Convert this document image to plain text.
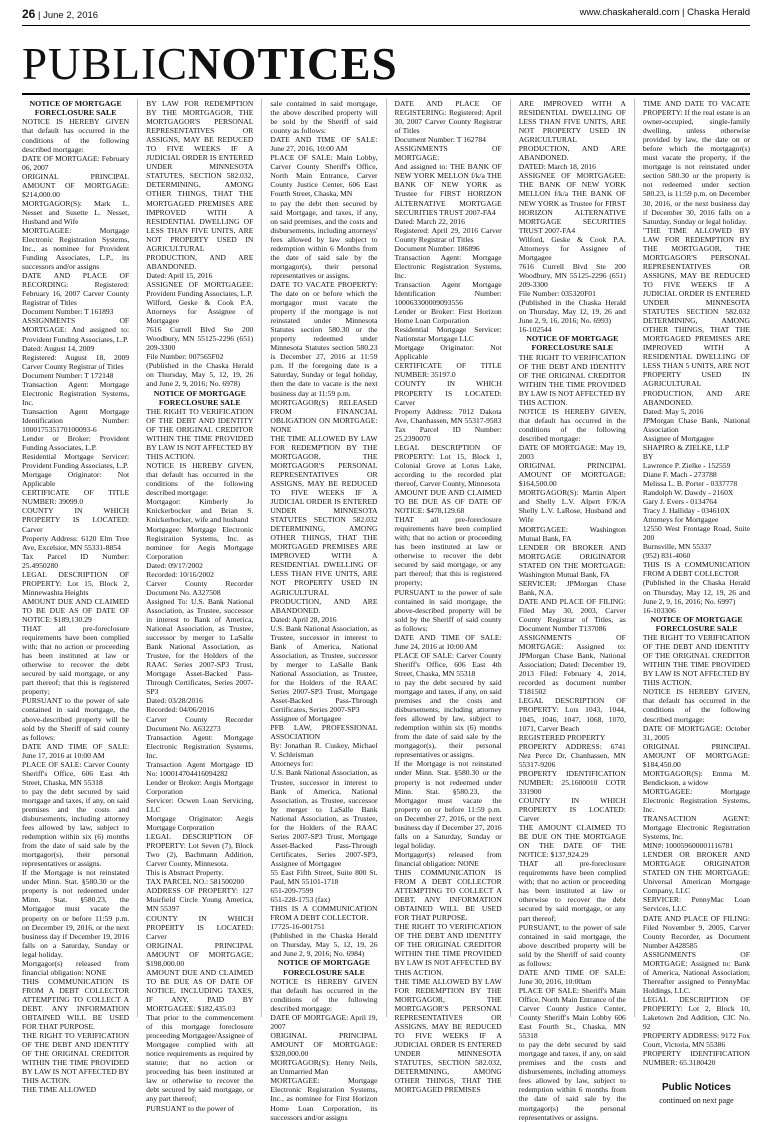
26 | June 2, 2016	www.chaskaherald.com | Chaska Herald
PUBLICNOTICES

NOTICE OF MORTGAGE FORECLOSURE SALE

NOTICE IS HEREBY GIVEN that default has occurred in the conditions of the following described mortgage:

DATE OF MORTGAGE: February 06, 2007

ORIGINAL PRINCIPAL AMOUNT OF MORTGAGE: $214,000.00

MORTGAGOR(S): Mark L. Nesset and Susette L. Nesset, Husband and Wife

MORTGAGEE: Mortgage Electronic Registration Systems, Inc., as nominee for Provident Funding Associates, L.P., its successors and/or assigns

DATE AND PLACE OF RECORDING: Registered: February 16, 2007 Carver County Registrar of Titles

Document Number: T 161893

ASSIGNMENTS OF MORTGAGE: And assigned to: Provident Funding Associates, L.P.

Dated: August 14, 2009

Registered: August 18, 2009 Carver County Registrar of Titles

Document Number: T 172148

Transaction Agent: Mortgage Electronic Registration Systems, Inc.

Transaction Agent Mortgage Identification Number: 100017535170100093-6

Lender or Broker: Provident Funding Associates, L.P.

Residential Mortgage Servicer: Provident Funding Associates, L.P.

Mortgage Originator: Not Applicable

CERTIFICATE OF TITLE NUMBER: 39099.0

COUNTY IN WHICH PROPERTY IS LOCATED: Carver

Property Address: 6120 Elm Tree Ave, Excelsior, MN 55331-8854

Tax Parcel ID Number: 25.4950280

LEGAL DESCRIPTION OF PROPERTY: Lot 15, Block 2, Minnewashta Heights

AMOUNT DUE AND CLAIMED TO BE DUE AS OF DATE OF NOTICE: $189,130.29

THAT all pre-foreclosure requirements have been complied with; that no action or proceeding has been instituted at law or otherwise to recover the debt secured by said mortgage, or any part thereof; that this is registered property;

PURSUANT to the power of sale contained in said mortgage, the above-described property will be sold by the Sheriff of said county as follows:

DATE AND TIME OF SALE: June 17, 2016 at 10:00 AM

PLACE OF SALE: Carver County Sheriff's Office, 606 East 4th Street, Chaska, MN 55318

to pay the debt secured by said mortgage and taxes, if any, on said premises and the costs and disbursements, including attorney fees allowed by law, subject to redemption within six (6) months from the date of said sale by the mortgagor(s), their personal representatives or assigns.

If the Mortgage is not reinstated under Minn. Stat. §580.30 or the property is not redeemed under Minn. Stat. §580.23, the Mortgagor must vacate the property on or before 11:59 p.m. on December 19, 2016, or the next business day if December 19, 2016 falls on a Saturday, Sunday or legal holiday.

Mortgagor(s) released from financial obligation: NONE

THIS COMMUNICATION IS FROM A DEBT COLLECTOR ATTEMPTING TO COLLECT A DEBT. ANY INFORMATION OBTAINED WILL BE USED FOR THAT PURPOSE.

THE RIGHT TO VERIFICATION OF THE DEBT AND IDENTITY OF THE ORIGINAL CREDITOR WITHIN THE TIME PROVIDED BY LAW IS NOT AFFECTED BY THIS ACTION.

THE TIME ALLOWED

BY LAW FOR REDEMPTION BY THE MORTGAGOR, THE MORTGAGOR'S PERSONAL REPRESENTATIVES OR ASSIGNS, MAY BE REDUCED TO FIVE WEEKS IF A JUDICIAL ORDER IS ENTERED UNDER MINNESOTA STATUTES, SECTION 582.032, DETERMINING, AMONG OTHER THINGS, THAT THE MORTGAGED PREMISES ARE IMPROVED WITH A RESIDENTIAL DWELLING OF LESS THAN FIVE UNITS, ARE NOT PROPERTY USED IN AGRICULTURAL PRODUCTION, AND ARE ABANDONED.

Dated: April 15, 2016

ASSIGNEE OF MORTGAGEE: Provident Funding Associates, L.P.

Wilford, Geske & Cook P.A. Attorneys for Assignee of Mortgagee

7616 Currell Blvd Ste 200 Woodbury, MN 55125-2296 (651) 209-3300

File Number: 007565F02

(Published in the Chaska Herald on Thursday, May 5, 12, 19, 26 and June 2, 9, 2016; No. 6978)

NOTICE OF MORTGAGE FORECLOSURE SALE

THE RIGHT TO VERIFICATION OF THE DEBT AND IDENTITY OF THE ORIGINAL CREDITOR WITHIN THE TIME PROVIDED BY LAW IS NOT AFFECTED BY THIS ACTION.

NOTICE IS HEREBY GIVEN, that default has occurred in the conditions of the following described mortgage:

Mortgagor: Kimberly Jo Knickerbocker and Brian S. Knickerbocker, wife and husband

Mortgagee: Mortgage Electronic Registration Systems, Inc. as nominee for Aegis Mortgage Corporation

Dated: 09/17/2002

Recorded: 10/16/2002

Carver County Recorder Document No. A327508

Assigned To: U.S. Bank National Association, as Trustee, successor in interest to Bank of America, National Association, as Trustee, successor by merger to LaSalle Bank National Association, as Trustee, for the Holders of the RAAC Series 2007-SP3 Trust, Mortgage Asset-Backed Pass-Through Certificates, Series 2007-SP3

Dated: 03/28/2016

Recorded: 04/06/2016

Carver County Recorder Document No. A632273

Transaction Agent: Mortgage Electronic Registration Systems, Inc.

Transaction Agent Mortgage ID No: 100014704416094282

Lender or Broker: Aegis Mortgage Corporation

Servicer: Ocwen Loan Servicing, LLC

Mortgage Originator: Aegis Mortgage Corporation

LEGAL DESCRIPTION OF PROPERTY: Lot Seven (7), Block Two (2), Bachmann Addition, Carver County, Minnesota.

This is Abstract Property.

TAX PARCEL NO.: 581500200

ADDRESS OF PROPERTY: 127 Muirfield Circle Young America, MN 55397

COUNTY IN WHICH PROPERTY IS LOCATED: Carver

ORIGINAL PRINCIPAL AMOUNT OF MORTGAGE: $198,000.00

AMOUNT DUE AND CLAIMED TO BE DUE AS OF DATE OF NOTICE, INCLUDING TAXES, IF ANY, PAID BY MORTGAGEE: $182,435.03

That prior to the commencement of this mortgage foreclosure proceeding Mortgagee/Assignee of Mortgagee complied with all notice requirements as required by statute; that no action or proceeding has been instituted at law or otherwise to recover the debt secured by said mortgage, or any part thereof;

PURSUANT to the power of

sale contained in said mortgage, the above described property will be sold by the Sheriff of said county as follows:

DATE AND TIME OF SALE: June 27, 2016, 10:00 AM

PLACE OF SALE: Main Lobby, Carver County Sheriff's Office, North Main Entrance, Carver County Justice Center, 606 East Fourth Street, Chaska, MN

to pay the debt then secured by said Mortgage, and taxes, if any, on said premises, and the costs and disbursements, including attorneys' fees allowed by law subject to redemption within 6 Months from the date of said sale by the mortgagor(s), their personal representatives or assigns.

DATE TO VACATE PROPERTY: The date on or before which the mortgagor must vacate the property if the mortgage is not reinstated under Minnesota Statutes section 580.30 or the property redeemed under Minnesota Statutes section 580.23 is December 27, 2016 at 11:59 p.m. If the foregoing date is a Saturday, Sunday or legal holiday, then the date to vacate is the next business day at 11:59 p.m.

MORTGAGOR(S) RELEASED FROM FINANCIAL OBLIGATION ON MORTGAGE: NONE

THE TIME ALLOWED BY LAW FOR REDEMPTION BY THE MORTGAGOR, THE MORTGAGOR'S PERSONAL REPRESENTATIVES OR ASSIGNS, MAY BE REDUCED TO FIVE WEEKS IF A JUDICIAL ORDER IS ENTERED UNDER MINNESOTA STATUTES SECTION 582.032 DETERMINING, AMONG OTHER THINGS, THAT THE MORTGAGED PREMISES ARE IMPROVED WITH A RESIDENTIAL DWELLING OF LESS THAN FIVE UNITS, ARE NOT PROPERTY USED IN AGRICULTURAL PRODUCTION, AND ARE ABANDONED.

Dated: April 28, 2016

U.S. Bank National Association, as Trustee, successor in interest to Bank of America, National Association, as Trustee, successor by merger to LaSalle Bank National Association, as Trustee, for the Holders of the RAAC Series 2007-SP3 Trust, Mortgage Asset-Backed Pass-Through Certificates, Series 2007-SP3

Assignee of Mortgagee

PFB LAW, PROFESSIONAL ASSOCIATION

By: Jonathan R. Cuskey, Michael V. Schleisman

Attorneys for:

U.S. Bank National Association, as Trustee, successor in interest to Bank of America, National Association, as Trustee, successor by merger to LaSalle Bank National Association, as Trustee, for the Holders of the RAAC Series 2007-SP3 Trust, Mortgage Asset-Backed Pass-Through Certificates, Series 2007-SP3, Assignee of Mortgagee

55 East Fifth Street, Suite 800 St. Paul, MN 55101-1718

651-209-7599

651-228-1753 (fax)

THIS IS A COMMUNICATION FROM A DEBT COLLECTOR.

17725-16-001751

(Published in the Chaska Herald on Thursday, May 5, 12, 19, 26 and June 2, 9, 2016; No. 6984)

NOTICE OF MORTGAGE FORECLOSURE SALE

NOTICE IS HEREBY GIVEN that default has occurred in the conditions of the following described mortgage:

DATE OF MORTGAGE: April 19, 2007

ORIGINAL PRINCIPAL AMOUNT OF MORTGAGE: $328,000.00

MORTGAGOR(S): Henry Neils, an Unmarried Man

MORTGAGEE: Mortgage Electronic Registration Systems, Inc., as nominee for First Horizon Home Loan Corporation, its successors and/or assigns

DATE AND PLACE OF REGISTERING: Registered: April 30, 2007 Carver County Registrar of Titles

Document Number: T 162784

ASSIGNMENTS OF MORTGAGE:

And assigned to: THE BANK OF NEW YORK MELLON f/k/a THE BANK OF NEW YORK as Trustee for FIRST HORIZON ALTERNATIVE MORTGAGE SECURITIES TRUST 2007-FA4

Dated: March 22, 2016

Registered: April 29, 2016 Carver County Registrar of Titles

Document Number: 186896

Transaction Agent: Mortgage Electronic Registration Systems, Inc.

Transaction Agent Mortgage Identification Number: 100063300009093556

Lender or Broker: First Horizon Home Loan Corporation

Residential Mortgage Servicer: Nationstar Mortgage LLC

Mortgage Originator: Not Applicable

CERTIFICATE OF TITLE NUMBER: 35197.0

COUNTY IN WHICH PROPERTY IS LOCATED: Carver

Property Address: 7012 Dakota Ave, Chanhassen, MN 55317-9583

Tax Parcel ID Number: 25.2390070

LEGAL DESCRIPTION OF PROPERTY: Lot 15, Block 1, Colonial Grove at Lotus Lake, according to the recorded plat thereof, Carver County, Minnesota

AMOUNT DUE AND CLAIMED TO BE DUE AS OF DATE OF NOTICE: $478,129.68

THAT all pre-foreclosure requirements have been complied with; that no action or proceeding has been instituted at law or otherwise to recover the debt secured by said mortgage, or any part thereof; that this is registered property;

PURSUANT to the power of sale contained in said mortgage, the above-described property will be sold by the Sheriff of said county as follows:

DATE AND TIME OF SALE: June 24, 2016 at 10:00 AM

PLACE OF SALE: Carver County Sheriff's Office, 606 East 4th Street, Chaska, MN 55318

to pay the debt secured by said mortgage and taxes, if any, on said premises and the costs and disbursements, including attorney fees allowed by law, subject to redemption within six (6) months from the date of said sale by the mortgagor(s), their personal representatives or assigns.

If the Mortgage is not reinstated under Minn. Stat. §580.30 or the property is not redeemed under Minn. Stat. §580.23, the Mortgagor must vacate the property on or before 11:59 p.m. on December 27, 2016, or the next business day if December 27, 2016 falls on a Saturday, Sunday or legal holiday.

Mortgagor(s) released from financial obligation: NONE

THIS COMMUNICATION IS FROM A DEBT COLLECTOR ATTEMPTING TO COLLECT A DEBT. ANY INFORMATION OBTAINED WILL BE USED FOR THAT PURPOSE.

THE RIGHT TO VERIFICATION OF THE DEBT AND IDENTITY OF THE ORIGINAL CREDITOR WITHIN THE TIME PROVIDED BY LAW IS NOT AFFECTED BY THIS ACTION.

THE TIME ALLOWED BY LAW FOR REDEMPTION BY THE MORTGAGOR, THE MORTGAGOR'S PERSONAL REPRESENTATIVES OR ASSIGNS, MAY BE REDUCED TO FIVE WEEKS IF A JUDICIAL ORDER IS ENTERED UNDER MINNESOTA STATUTES, SECTION 582.032, DETERMINING, AMONG OTHER THINGS, THAT THE MORTGAGED PREMISES

ARE IMPROVED WITH A RESIDENTIAL DWELLING OF LESS THAN FIVE UNITS, ARE NOT PROPERTY USED IN AGRICULTURAL PRODUCTION, AND ARE ABANDONED.

DATED: March 18, 2016

ASSIGNEE OF MORTGAGEE: THE BANK OF NEW YORK MELLON f/k/a THE BANK OF NEW YORK as Trustee for FIRST HORIZON ALTERNATIVE MORTGAGE SECURITIES TRUST 2007-FA4

Wilford, Geske & Cook P.A. Attorneys for Assignee of Mortgagee

7616 Currell Blvd Ste 200 Woodbury, MN 55125-2296 (651) 209-3300

File Number: 035320F01

(Published in the Chaska Herald on Thursday, May 12, 19, 26 and June 2, 9, 16, 2016; No. 6993)

16-102544

NOTICE OF MORTGAGE FORECLOSURE SALE

THE RIGHT TO VERIFICATION OF THE DEBT AND IDENTITY OF THE ORIGINAL CREDITOR WITHIN THE TIME PROVIDED BY LAW IS NOT AFFECTED BY THIS ACTION.

NOTICE IS HEREBY GIVEN, that default has occurred in the conditions of the following described mortgage:

DATE OF MORTGAGE: May 19, 2003

ORIGINAL PRINCIPAL AMOUNT OF MORTGAGE: $164,500.00

MORTGAGOR(S): Martin Alpert and Shelly L.V. Alpert F/K/A Shelly L.V. LaRose, Husband and Wife

MORTGAGEE: Washington Mutual Bank, FA

LENDER OR BROKER AND MORTGAGE ORIGINATOR STATED ON THE MORTGAGE: Washington Mutual Bank, FA

SERVICER: JPMorgan Chase Bank, N.A.

DATE AND PLACE OF FILING: Filed May 30, 2003, Carver County Registrar of Titles, as Document Number T137086

ASSIGNMENTS OF MORTGAGE: Assigned to: JPMorgan Chase Bank, National Association; Dated: December 19, 2013 Filed: February 4, 2014, recorded as document number T181502

LEGAL DESCRIPTION OF PROPERTY: Lots 1043, 1044, 1045, 1046, 1047, 1068, 1070, 1071, Carver Beach

REGISTERED PROPERTY

PROPERTY ADDRESS: 6741 Nez Perce Dr, Chanhassen, MN 55317-9206

PROPERTY IDENTIFICATION NUMBER: 25.1600010 COTR 331900

COUNTY IN WHICH PROPERTY IS LOCATED: Carver

THE AMOUNT CLAIMED TO BE DUE ON THE MORTGAGE ON THE DATE OF THE NOTICE: $137,924.29

THAT all pre-foreclosure requirements have been complied with; that no action or proceeding has been instituted at law or otherwise to recover the debt secured by said mortgage, or any part thereof;

PURSUANT, to the power of sale contained in said mortgage, the above described property will be sold by the Sheriff of said county as follows:

DATE AND TIME OF SALE: June 30, 2016, 10:00am

PLACE OF SALE: Sheriff's Main Office, North Main Entrance of the Carver County Justice Center, County Sheriff's Main Lobby 606 East Fourth St., Chaska, MN 55318

to pay the debt secured by said mortgage and taxes, if any, on said premises and the costs and disbursements, including attorneys fees allowed by law, subject to redemption within 6 months from the date of said sale by the mortgagor(s) the personal representatives or assigns.

TIME AND DATE TO VACATE PROPERTY: If the real estate is an owner-occupied, single-family dwelling, unless otherwise provided by law, the date on or before which the mortgagor(s) must vacate the property, if the mortgage is not reinstated under section 580.30 or the property is not redeemed under section 580.23, is 11:59 p.m. on December 30, 2016, or the next business day if December 30, 2016 falls on a Saturday, Sunday or legal holiday.

"THE TIME ALLOWED BY LAW FOR REDEMPTION BY THE MORTGAGOR, THE MORTGAGOR'S PERSONAL REPRESENTATIVES OR ASSIGNS, MAY BE REDUCED TO FIVE WEEKS IF A JUDICIAL ORDER IS ENTERED UNDER MINNESOTA STATUTES SECTION 582.032 DETERMINING, AMONG OTHER THINGS, THAT THE MORTGAGED PREMISES ARE IMPROVED WITH A RESIDENTIAL DWELLING OF LESS THAN 5 UNITS, ARE NOT PROPERTY USED IN AGRICULTURAL PRODUCTION, AND ARE ABANDONED.

Dated: May 5, 2016

JPMorgan Chase Bank, National Association

Assignee of Mortgagee

SHAPIRO & ZIELKE, LLP

BY

Lawrence P. Zielke - 152559

Diane F. Mach - 273788

Melissa L. B. Porter - 0337778

Randolph W. Dawdy - 2160X

Gary J. Evers - 0134764

Tracy J. Halliday - 034610X

Attorneys for Mortgagee

12550 West Frontage Road, Suite 200

Burnsville, MN 55337

(952) 831-4060

THIS IS A COMMUNICATION FROM A DEBT COLLECTOR

(Published in the Chaska Herald on Thursday, May 12, 19, 26 and June 2, 9, 16, 2016; No. 6997)

16-103306

NOTICE OF MORTGAGE FORECLOSURE SALE

THE RIGHT TO VERIFICATION OF THE DEBT AND IDENTITY OF THE ORIGINAL CREDITOR WITHIN THE TIME PROVIDED BY LAW IS NOT AFFECTED BY THIS ACTION.

NOTICE IS HEREBY GIVEN, that default has occurred in the conditions of the following described mortgage:

DATE OF MORTGAGE: October 31, 2005

ORIGINAL PRINCIPAL AMOUNT OF MORTGAGE: $184,450.00

MORTGAGOR(S): Emma M. Bendickson, a widow

MORTGAGEE: Mortgage Electronic Registration Systems, Inc.

TRANSACTION AGENT: Mortgage Electronic Registration Systems, Inc.

MIN#: 100059600001116781

LENDER OR BROKER AND MORTGAGE ORIGINATOR STATED ON THE MORTGAGE: Universal American Mortgage Company, LLC

SERVICER: PennyMac Loan Services, LLC

DATE AND PLACE OF FILING: Filed November 9, 2005, Carver County Recorder, as Document Number A428585

ASSIGNMENTS OF MORTGAGE: Assigned to: Bank of America, National Association; Thereafter assigned to PennyMac Holdings, LLC.

LEGAL DESCRIPTION OF PROPERTY: Lot 2, Block 10, Laketown 2nd Addition, CIC No. 92

PROPERTY ADDRESS: 9172 Fox Court, Victoria, MN 55386

PROPERTY IDENTIFICATION NUMBER: 65.3180420

Public Notices
continued on next page
